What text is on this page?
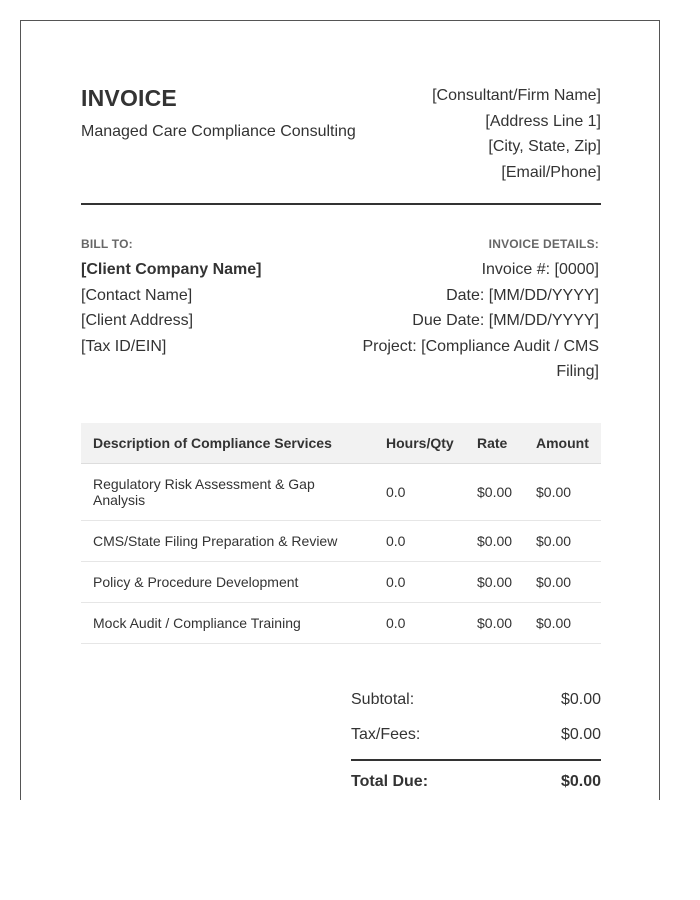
INVOICE
Managed Care Compliance Consulting
[Consultant/Firm Name]
[Address Line 1]
[City, State, Zip]
[Email/Phone]
BILL TO:
[Client Company Name]
[Contact Name]
[Client Address]
[Tax ID/EIN]
INVOICE DETAILS:
Invoice #: [0000]
Date: [MM/DD/YYYY]
Due Date: [MM/DD/YYYY]
Project: [Compliance Audit / CMS
Filing]
Description of Compliance Services	Hours/Qty	Rate	Amount

Regulatory Risk Assessment & Gap
Analysis	0.0	$0.00	$0.00
CMS/State Filing Preparation & Review	0.0	$0.00	$0.00
Policy & Procedure Development	0.0	$0.00	$0.00
Mock Audit / Compliance Training	0.0	$0.00	$0.00
Subtotal:	$0.00
Tax/Fees:	$0.00
Total Due:	$0.00
